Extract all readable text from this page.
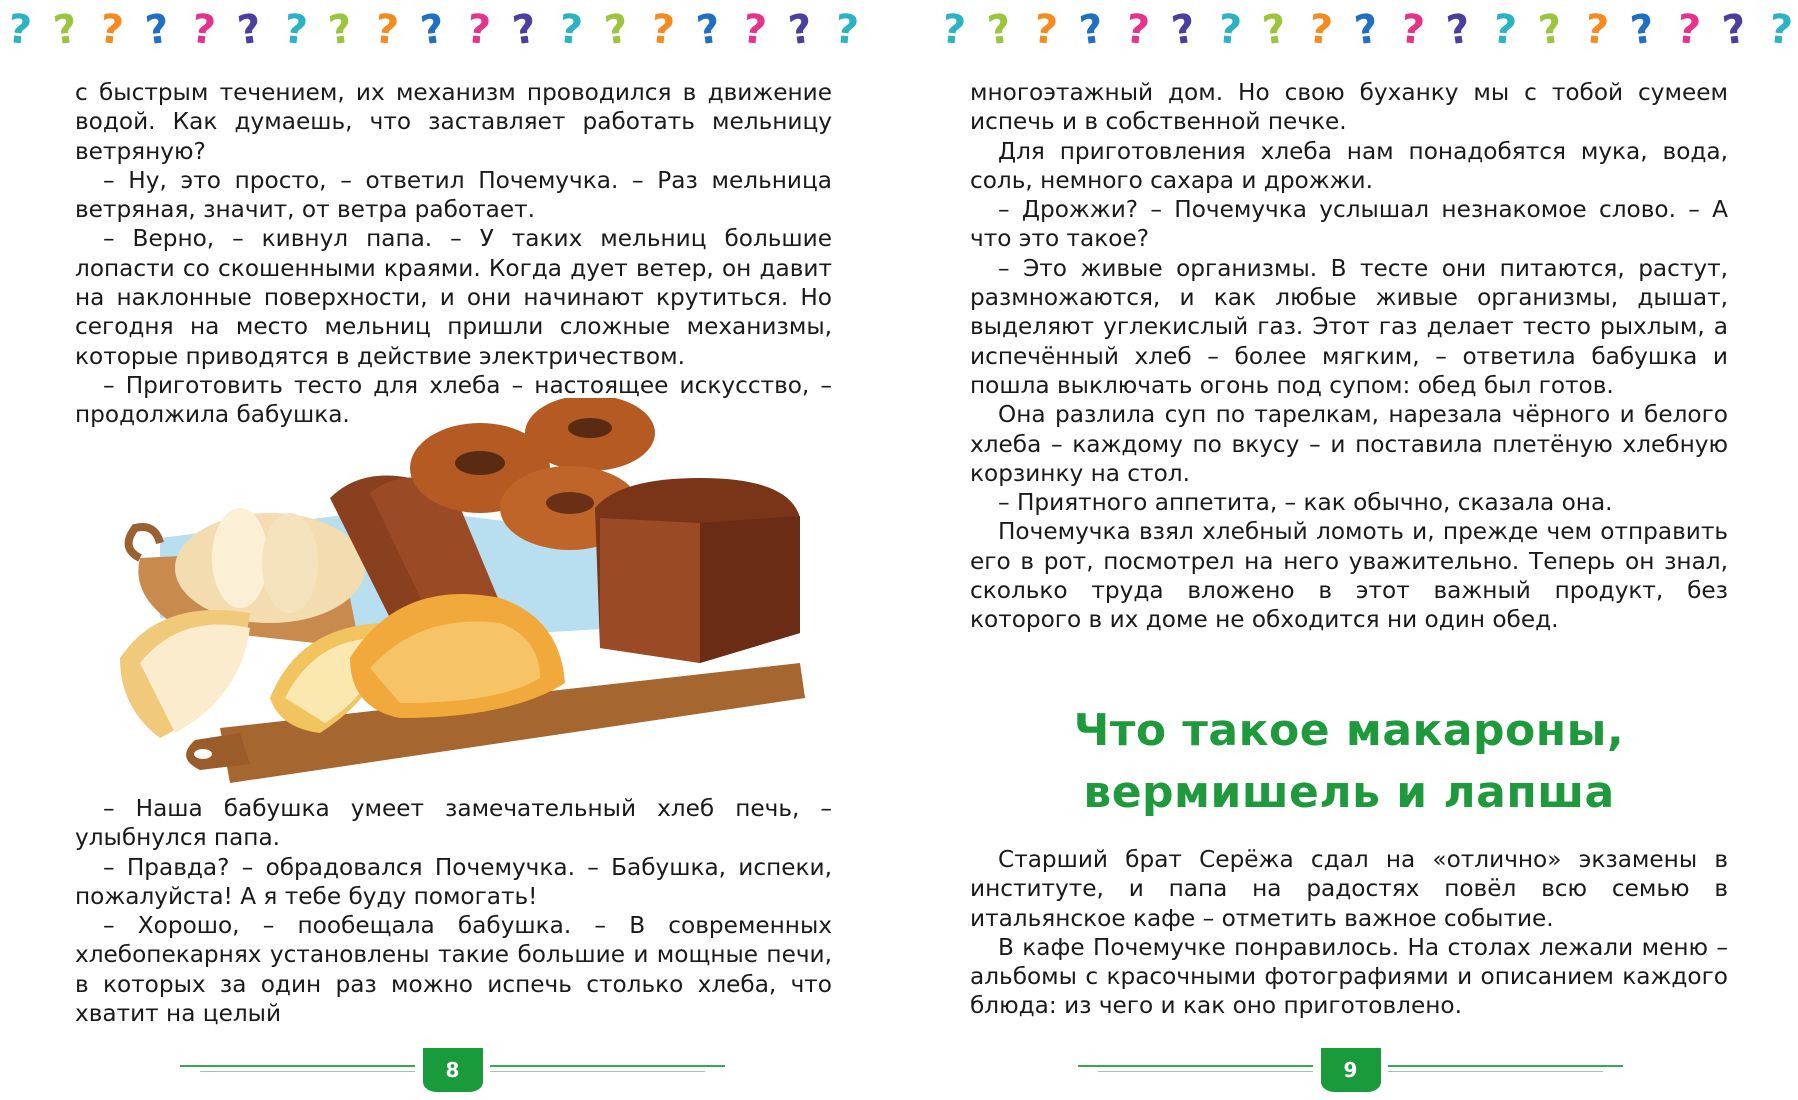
? ? ? ? ? ? ? ? ? ? ? ? ? ? ? ? ? ? ? ? ? ? ? ? ? ? ? ? ? ? ? ? ? ? ? ? ? ?

с быстрым течением, их механизм проводился в движение водой. Как думаешь, что заставляет работать мельницу ветряную?

– Ну, это просто, – ответил Почемучка. – Раз мельница ветряная, значит, от ветра работает.

– Верно, – кивнул папа. – У таких мельниц большие лопасти со скошенными краями. Когда дует ветер, он давит на наклонные поверхности, и они начинают крутиться. Но сегодня на место мельниц пришли сложные механизмы, которые приводятся в действие электричеством.

– Приготовить тесто для хлеба – настоящее искусство, – продолжила бабушка.

– Наша бабушка умеет замечательный хлеб печь, – улыбнулся папа.

– Правда? – обрадовался Почемучка. – Бабушка, испеки, пожалуйста! А я тебе буду помогать!

– Хорошо, – пообещала бабушка. – В современных хлебопекарнях установлены такие большие и мощные печи, в которых за один раз можно испечь столько хлеба, что хватит на целый

многоэтажный дом. Но свою буханку мы с тобой сумеем испечь и в собственной печке.

Для приготовления хлеба нам понадобятся мука, вода, соль, немного сахара и дрожжи.

– Дрожжи? – Почемучка услышал незнакомое слово. – А что это такое?

– Это живые организмы. В тесте они питаются, растут, размножаются, и как любые живые организмы, дышат, выделяют углекислый газ. Этот газ делает тесто рыхлым, а испечённый хлеб – более мягким, – ответила бабушка и пошла выключать огонь под супом: обед был готов.

Она разлила суп по тарелкам, нарезала чёрного и белого хлеба – каждому по вкусу – и поставила плетёную хлебную корзинку на стол.

– Приятного аппетита, – как обычно, сказала она.

Почемучка взял хлебный ломоть и, прежде чем отправить его в рот, посмотрел на него уважительно. Теперь он знал, сколько труда вложено в этот важный продукт, без которого в их доме не обходится ни один обед.

Что такое макароны,
вермишель и лапша

Старший брат Серёжа сдал на «отлично» экзамены в институте, и папа на радостях повёл всю семью в итальянское кафе – отметить важное событие.

В кафе Почемучке понравилось. На столах лежали меню – альбомы с красочными фотографиями и описанием каждого блюда: из чего и как оно приготовлено.

8	9
